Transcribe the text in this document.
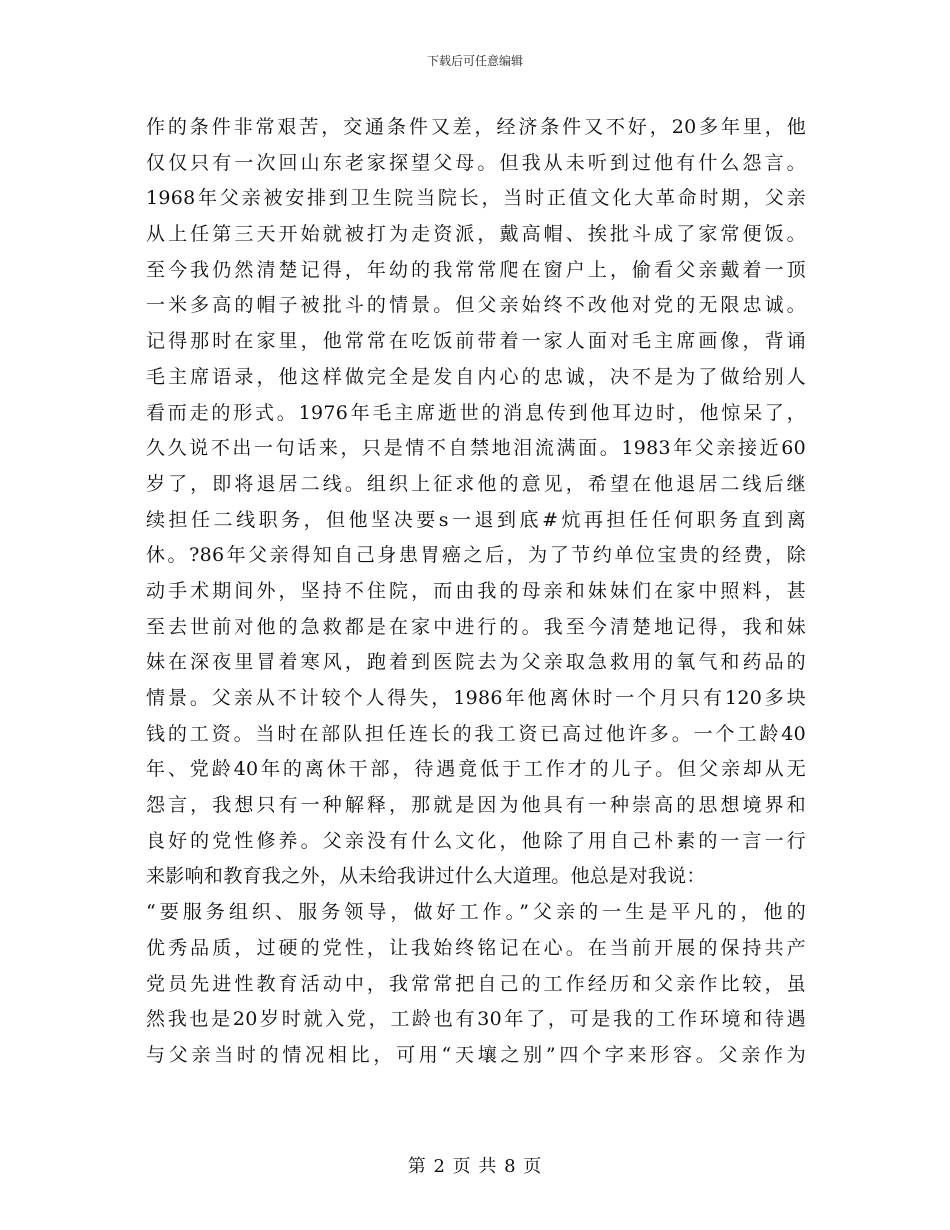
下载后可任意编辑
作的条件非常艰苦，交通条件又差，经济条件又不好，20多年里，他
仅仅只有一次回山东老家探望父母。但我从未听到过他有什么怨言。
1968年父亲被安排到卫生院当院长，当时正值文化大革命时期，父亲
从上任第三天开始就被打为走资派，戴高帽、挨批斗成了家常便饭。
至今我仍然清楚记得，年幼的我常常爬在窗户上，偷看父亲戴着一顶
一米多高的帽子被批斗的情景。但父亲始终不改他对党的无限忠诚。
记得那时在家里，他常常在吃饭前带着一家人面对毛主席画像，背诵
毛主席语录，他这样做完全是发自内心的忠诚，决不是为了做给别人
看而走的形式。1976年毛主席逝世的消息传到他耳边时，他惊呆了，
久久说不出一句话来，只是情不自禁地泪流满面。1983年父亲接近60
岁了，即将退居二线。组织上征求他的意见，希望在他退居二线后继
续担任二线职务，但他坚决要s一退到底#炕再担任任何职务直到离
休。?86年父亲得知自己身患胃癌之后，为了节约单位宝贵的经费，除
动手术期间外，坚持不住院，而由我的母亲和妹妹们在家中照料，甚
至去世前对他的急救都是在家中进行的。我至今清楚地记得，我和妹
妹在深夜里冒着寒风，跑着到医院去为父亲取急救用的氧气和药品的
情景。父亲从不计较个人得失，1986年他离休时一个月只有120多块
钱的工资。当时在部队担任连长的我工资已高过他许多。一个工龄40
年、党龄40年的离休干部，待遇竟低于工作才的儿子。但父亲却从无
怨言，我想只有一种解释，那就是因为他具有一种崇高的思想境界和
良好的党性修养。父亲没有什么文化，他除了用自己朴素的一言一行
来影响和教育我之外，从未给我讲过什么大道理。他总是对我说：
“要服务组织、服务领导，做好工作。”父亲的一生是平凡的，他的
优秀品质，过硬的党性，让我始终铭记在心。在当前开展的保持共产
党员先进性教育活动中，我常常把自己的工作经历和父亲作比较，虽
然我也是20岁时就入党，工龄也有30年了，可是我的工作环境和待遇
与父亲当时的情况相比，可用“天壤之别”四个字来形容。父亲作为
第 2 页 共 8 页
